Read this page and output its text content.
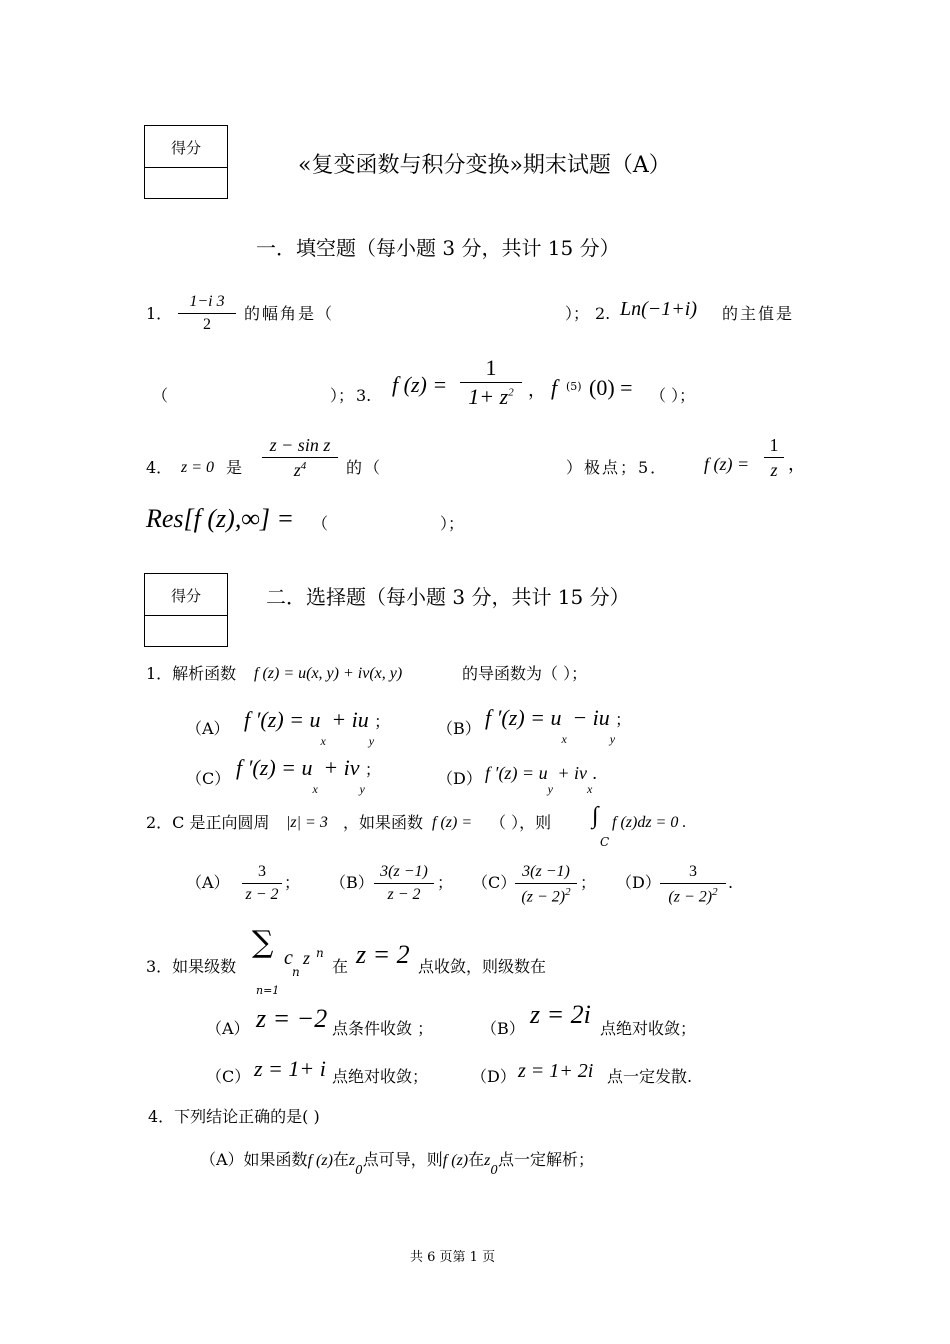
得分
«复变函数与积分变换»期末试题（A）
一．填空题（每小题 3 分，共计 15 分）
1．
1−i 3
2
的幅角是（	）； 2. Ln(−1+i) 的主值是
（	）； 3. f (z) =
1
$1+ z^2$ ， f (5) (0) = （ ）；
4． z = 0 是
z − sin z
$z^4$	的（	）极点；5． f (z) =
1
z ，
Res[f (z),∞] = （	）；
得分	二．选择题（每小题 3 分，共计 15 分）
1．解析函数 f (z) = u(x, y) + iv(x, y)	的导函数为（ ）；
（A） f $'(z) = u_x + iu_y$；	（B） f $'(z) = u_x - iu_y$；
（C） f $'(z) = u_x + iv_y$；	（D） f $'(z) = u_y + iv_x$.
2．C 是正向圆周 |z| = 3 ，如果函数 f (z) = （ ），则 ∫
C
f (z)dz = 0 .
（A）
3
z − 2
； （B）
3(z −1)
z − 2
； （C）
3(z −1)
$(z - 2)^2$ ； （D）
3
$(z - 2)^2$ .
3．如果级数
∑ c
n
z n
n=1
在 z = 2 点收敛，则级数在
（A） z = −2 点条件收敛 ；	（B） z = 2i 点绝对收敛；
（C） z = 1+ i 点绝对收敛；	（D） z = 1+ 2i 点一定发散.
4．下列结论正确的是( )
（A）如果函数f (z)在$z_0$点可导，则f (z)在$z_0$点一定解析；
共 6 页第 1 页
